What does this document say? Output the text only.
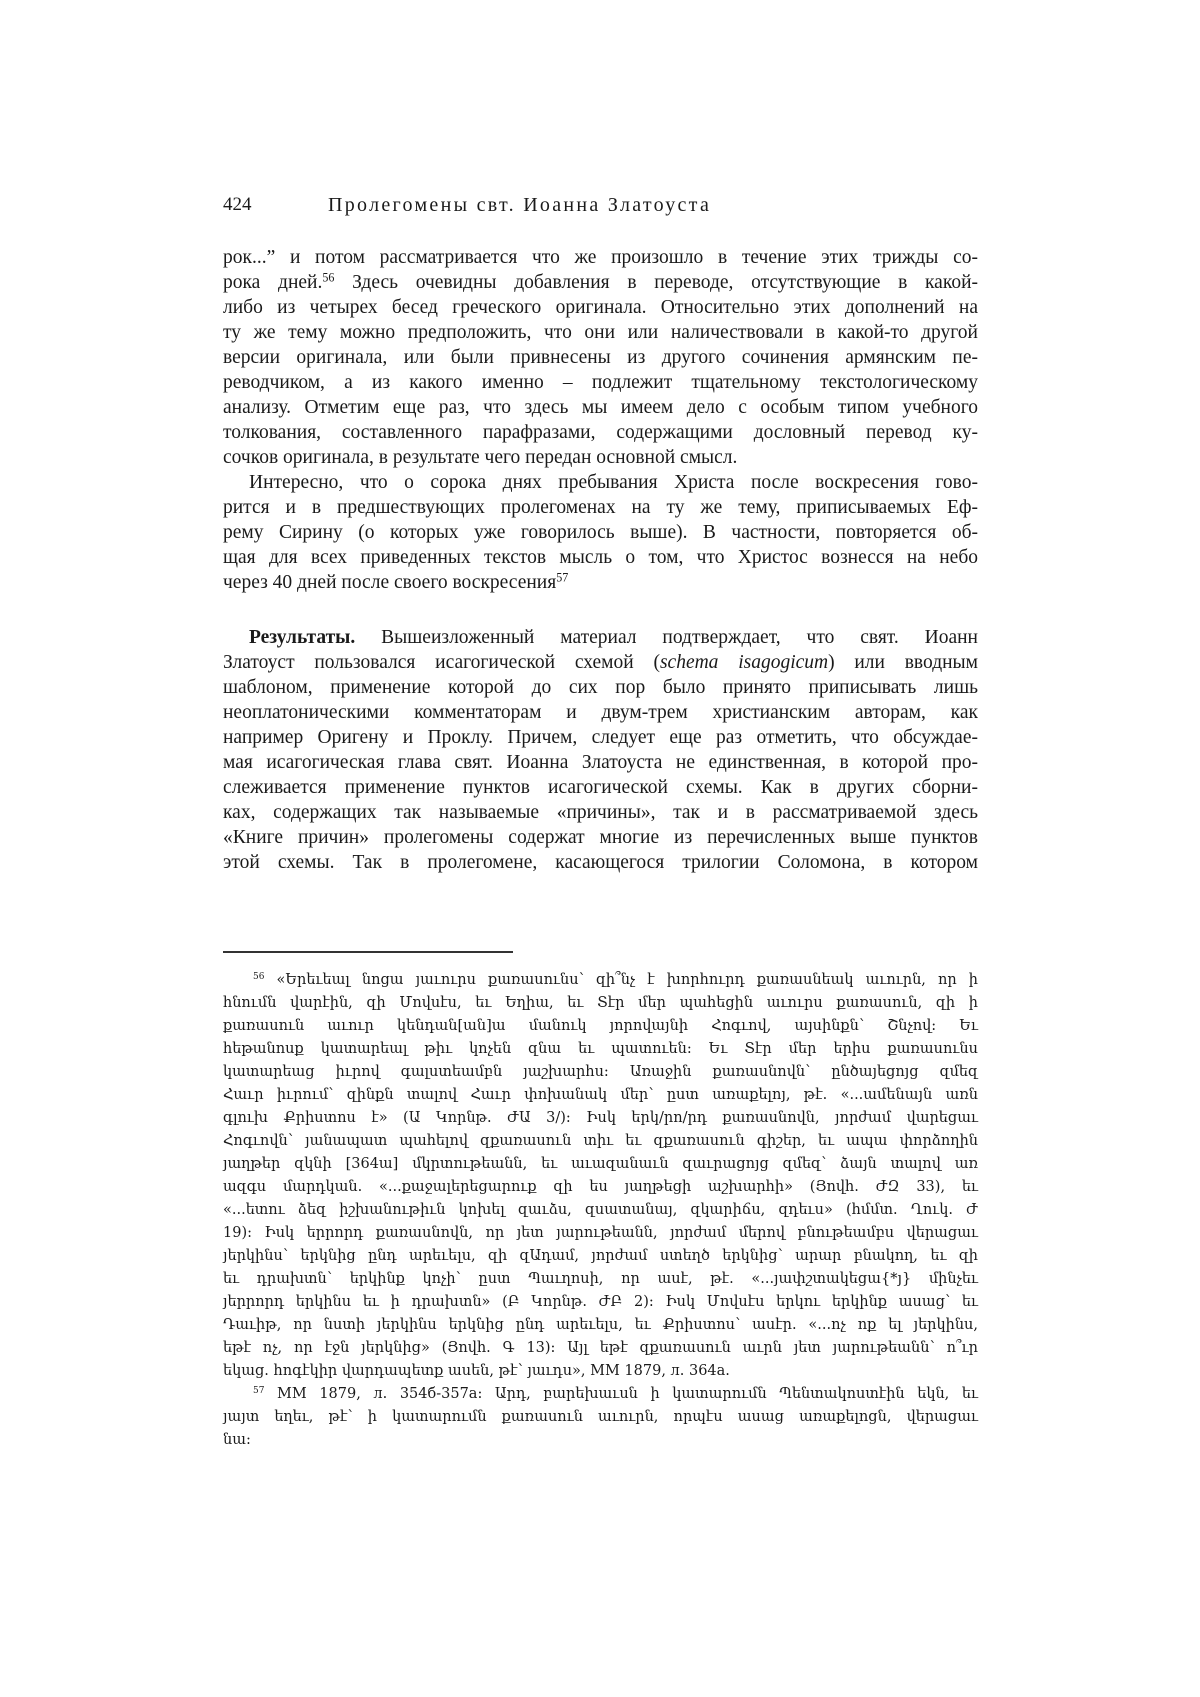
424	Пролегомены свт. Иоанна Златоуста
рок...” и потом рассматривается что же произошло в течение этих трижды со-
рока дней.56 Здесь очевидны добавления в переводе, отсутствующие в какой-
либо из четырех бесед греческого оригинала. Относительно этих дополнений на
ту же тему можно предположить, что они или наличествовали в какой-то другой
версии оригинала, или были привнесены из другого сочинения армянским пе-
реводчиком, а из какого именно – подлежит тщательному текстологическому
анализу. Отметим еще раз, что здесь мы имеем дело с особым типом учебного
толкования, составленного парафразами, содержащими дословный перевод ку-
сочков оригинала, в результате чего передан основной смысл.
Интересно, что о сорока днях пребывания Христа после воскресения гово-
рится и в предшествующих пролегоменах на ту же тему, приписываемых Еф-
рему Сирину (о которых уже говорилось выше). В частности, повторяется об-
щая для всех приведенных текстов мысль о том, что Христос вознесся на небо
через 40 дней после своего воскресения57
Результаты. Вышеизложенный материал подтверждает, что свят. Иоанн
Златоуст пользовался исагогической схемой (schema isagogicum) или вводным
шаблоном, применение которой до сих пор было принято приписывать лишь
неоплатоническими комментаторам и двум-трем христианским авторам, как
например Оригену и Проклу. Причем, следует еще раз отметить, что обсуждае-
мая исагогическая глава свят. Иоанна Златоуста не единственная, в которой про-
слеживается применение пунктов исагогической схемы. Как в других сборни-
ках, содержащих так называемые «причины», так и в рассматриваемой здесь
«Книге причин» пролегомены содержат многие из перечисленных выше пунктов
этой схемы. Так в пролегомене, касающегося трилогии Соломона, в котором
56 «Երեւեալ նոցա յաւուրս քառասունս՝ զի՞նչ է խորհուրդ քառասնեակ աւուրն, որ ի
հնումն վարէին, զի Մովսէս, եւ Եղիա, եւ Տէր մեր պահեցին աւուրս քառասուն, զի ի
քառասուն աւուր կենդան[ան]ա մանուկ յորովայնի Հոգւով, այսինքն՝ Շնչով: Եւ
հեթանոսք կատարեալ թիւ կոչեն զնա եւ պատուեն: Եւ Տէր մեր երիս քառասունս
կատարեաց իւրով գալստեամբն յաշխարհս: Առաջին քառասնովն՝ ընծայեցոյց զմեզ
Հաւր իւրում՝ զինքն տալով Հաւր փոխանակ մեր՝ ըստ առաքելոյ, թէ. «...ամենայն առն
գլուխ Քրիստոս է» (Ա Կորնթ. ԺԱ 3/): Իսկ երկ/րո/րդ քառասնովն, յորժամ վարեցաւ
Հոգւովն՝ յանապատ պահելով զքառասուն տիւ եւ զքառասուն գիշեր, եւ ապա փորձողին
յաղթեր զկնի [364ա] մկրտութեանն, եւ աւազանաւն զաւրացոյց զմեզ՝ ձայն տալով առ
ազգս մարդկան. «...քաջալերեցարուք զի ես յաղթեցի աշխարհի» (Յովհ. ԺԶ 33), եւ
«...ետու ձեզ իշխանութիւն կոխել զաւձս, զսատանայ, զկարիճս, զդեւս» (հմմտ. Ղուկ. Ժ
19): Իսկ երրորդ քառասնովն, որ յետ յարութեանն, յորժամ մերով բնութեամբս վերացաւ
յերկինս՝ երկնից ընդ արեւելս, զի զԱդամ, յորժամ ստեղծ երկնից՝ արար բնակող, եւ զի
եւ դրախտն՝ երկինք կոչի՝ ըստ Պաւղոսի, որ ասէ, թէ. «...յափշտակեցա{*յ} մինչեւ
յերրորդ երկինս եւ ի դրախտն» (Բ Կորնթ. ԺԲ 2): Իսկ Մովսէս երկու երկինք ասաց՝ եւ
Դաւիթ, որ նստի յերկինս երկնից ընդ արեւելս, եւ Քրիստոս՝ ասէր. «...ոչ ոք ել յերկինս,
եթէ ոչ, որ էջն յերկնից» (Յովհ. Գ 13): Այլ եթէ զքառասուն աւրն յետ յարութեանն՝ ո՞ւր
եկաց. հոգէկիր վարդապետք ասեն, թէ՝ յաւդս», ММ 1879, л. 364a.
57 ММ 1879, л. 354б-357а: Արդ, բարեխաւսն ի կատարումն Պենտակոստէին եկն, եւ
յայտ եղեւ, թէ՝ ի կատարումն քառասուն աւուրն, որպէս ասաց առաքելոցն, վերացաւ
նա:
